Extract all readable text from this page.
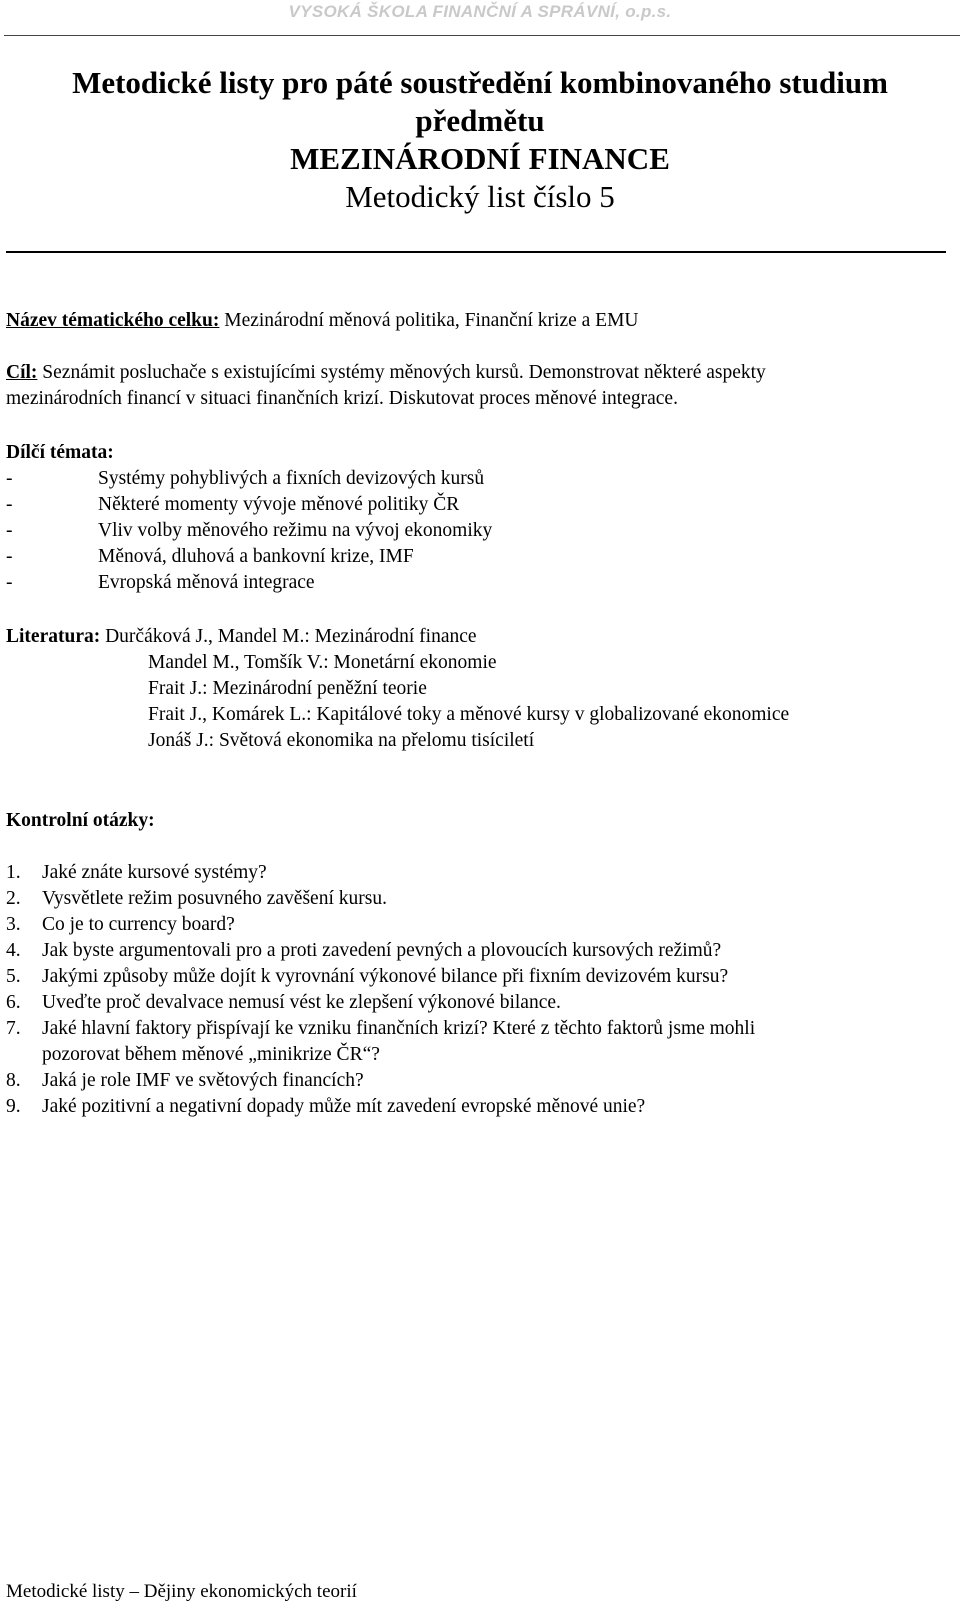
VYSOKÁ ŠKOLA FINANČNÍ A SPRÁVNÍ, o.p.s.
Metodické listy pro páté soustředění kombinovaného studium
předmětu
MEZINÁRODNÍ FINANCE
Metodický list číslo 5
Název tématického celku: Mezinárodní měnová politika, Finanční krize a EMU
Cíl: Seznámit posluchače s existujícími systémy měnových kursů. Demonstrovat některé aspekty
mezinárodních financí v situaci finančních krizí. Diskutovat proces měnové integrace.
Dílčí témata:
-	Systémy pohyblivých a fixních devizových kursů
-	Některé momenty vývoje měnové politiky ČR
-	Vliv volby měnového režimu na vývoj ekonomiky
-	Měnová, dluhová a bankovní krize, IMF
-	Evropská měnová integrace
Literatura: Durčáková J., Mandel M.: Mezinárodní finance
Mandel M., Tomšík V.: Monetární ekonomie
Frait J.: Mezinárodní peněžní teorie
Frait J., Komárek L.: Kapitálové toky a měnové kursy v globalizované ekonomice
Jonáš J.: Světová ekonomika na přelomu tisíciletí
Kontrolní otázky:
1. Jaké znáte kursové systémy?
2. Vysvětlete režim posuvného zavěšení kursu.
3. Co je to currency board?
4. Jak byste argumentovali pro a proti zavedení pevných a plovoucích kursových režimů?
5. Jakými způsoby může dojít k vyrovnání výkonové bilance při fixním devizovém kursu?
6. Uveďte proč devalvace nemusí vést ke zlepšení výkonové bilance.
7. Jaké hlavní faktory přispívají ke vzniku finančních krizí? Které z těchto faktorů jsme mohli
pozorovat během měnové „minikrize ČR“?
8. Jaká je role IMF ve světových financích?
9. Jaké pozitivní a negativní dopady může mít zavedení evropské měnové unie?
Metodické listy – Dějiny ekonomických teorií
